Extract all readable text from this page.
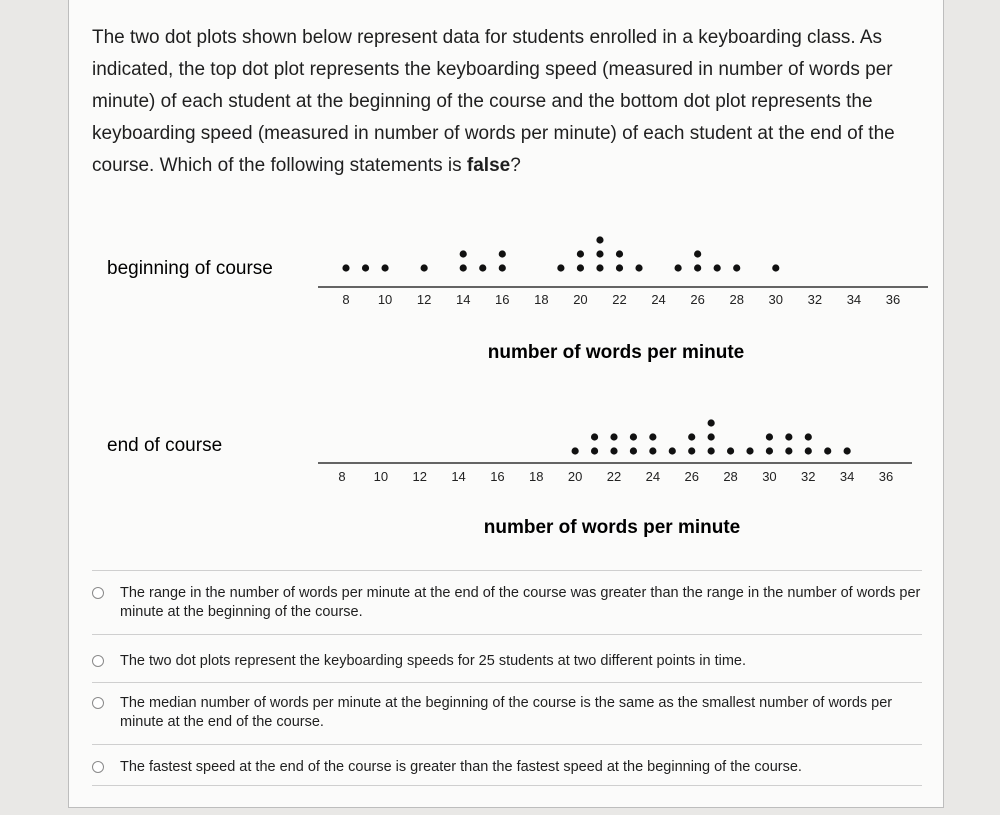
The two dot plots shown below represent data for students enrolled in a keyboarding class. As indicated, the top dot plot represents the keyboarding speed (measured in number of words per minute) of each student at the beginning of the course and the bottom dot plot represents the keyboarding speed (measured in number of words per minute) of each student at the end of the course. Which of the following statements is false?

beginning of course
8 10 12 14 16 18 20 22 24 26 28 30 32 34 36
number of words per minute
end of course
8 10 12 14 16 18 20 22 24 26 28 30 32 34 36
number of words per minute
The range in the number of words per minute at the end of the course was greater than the range in the number of words per minute at the beginning of the course.
The two dot plots represent the keyboarding speeds for 25 students at two different points in time.
The median number of words per minute at the beginning of the course is the same as the smallest number of words per minute at the end of the course.
The fastest speed at the end of the course is greater than the fastest speed at the beginning of the course.
